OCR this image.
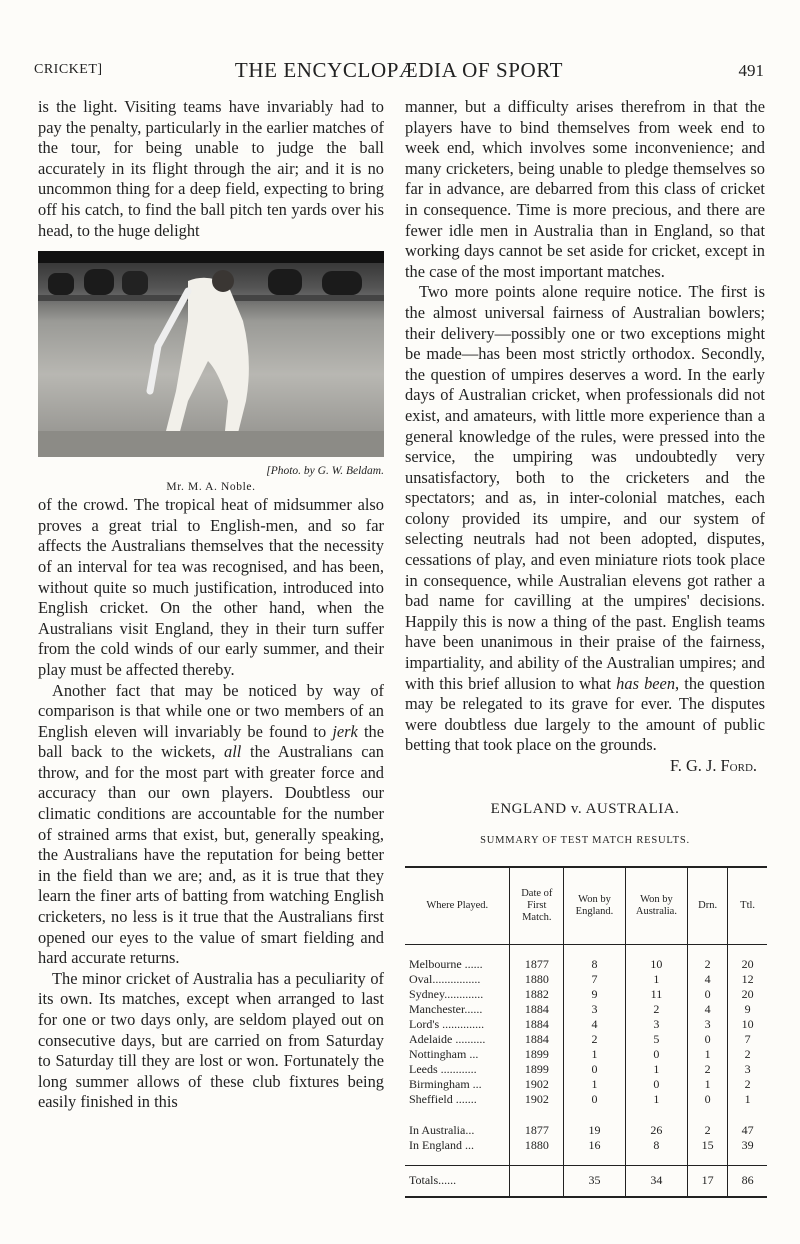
CRICKET]	THE ENCYCLOPÆDIA OF SPORT	491

is the light. Visiting teams have invariably had to pay the penalty, particularly in the earlier matches of the tour, for being unable to judge the ball accurately in its flight through the air; and it is no uncommon thing for a deep field, expecting to bring off his catch, to find the ball pitch ten yards over his head, to the huge delight

[Photo. by G. W. Beldam.

Mr. M. A. Noble.

of the crowd. The tropical heat of midsummer also proves a great trial to English-men, and so far affects the Australians themselves that the necessity of an interval for tea was recognised, and has been, without quite so much justification, introduced into English cricket. On the other hand, when the Australians visit England, they in their turn suffer from the cold winds of our early summer, and their play must be affected thereby.

Another fact that may be noticed by way of comparison is that while one or two members of an English eleven will invariably be found to jerk the ball back to the wickets, all the Australians can throw, and for the most part with greater force and accuracy than our own players. Doubtless our climatic conditions are accountable for the number of strained arms that exist, but, generally speaking, the Australians have the reputation for being better in the field than we are; and, as it is true that they learn the finer arts of batting from watching English cricketers, no less is it true that the Australians first opened our eyes to the value of smart fielding and hard accurate returns.

The minor cricket of Australia has a peculiarity of its own. Its matches, except when arranged to last for one or two days only, are seldom played out on consecutive days, but are carried on from Saturday to Saturday till they are lost or won. Fortunately the long summer allows of these club fixtures being easily finished in this

manner, but a difficulty arises therefrom in that the players have to bind themselves from week end to week end, which involves some inconvenience; and many cricketers, being unable to pledge themselves so far in advance, are debarred from this class of cricket in consequence. Time is more precious, and there are fewer idle men in Australia than in England, so that working days cannot be set aside for cricket, except in the case of the most important matches.

Two more points alone require notice. The first is the almost universal fairness of Australian bowlers; their delivery—possibly one or two exceptions might be made—has been most strictly orthodox. Secondly, the question of umpires deserves a word. In the early days of Australian cricket, when professionals did not exist, and amateurs, with little more experience than a general knowledge of the rules, were pressed into the service, the umpiring was undoubtedly very unsatisfactory, both to the cricketers and the spectators; and as, in inter-colonial matches, each colony provided its umpire, and our system of selecting neutrals had not been adopted, disputes, cessations of play, and even miniature riots took place in consequence, while Australian elevens got rather a bad name for cavilling at the umpires' decisions. Happily this is now a thing of the past. English teams have been unanimous in their praise of the fairness, impartiality, and ability of the Australian umpires; and with this brief allusion to what has been, the question may be relegated to its grave for ever. The disputes were doubtless due largely to the amount of public betting that took place on the grounds.

F. G. J. Ford.

ENGLAND v. AUSTRALIA.
SUMMARY OF TEST MATCH RESULTS.
Where Played.	Date of First Match.	Won by England.	Won by Australia.	Drn.	Ttl.

Melbourne ......	1877	8	10	2	20
Oval................	1880	7	1	4	12
Sydney.............	1882	9	11	0	20
Manchester......	1884	3	2	4	9
Lord's ..............	1884	4	3	3	10
Adelaide ..........	1884	2	5	0	7
Nottingham ...	1899	1	0	1	2
Leeds ............	1899	0	1	2	3
Birmingham ...	1902	1	0	1	2
Sheffield .......	1902	0	1	0	1

In Australia...	1877	19	26	2	47
In England ...	1880	16	8	15	39

Totals......		35	34	17	86
